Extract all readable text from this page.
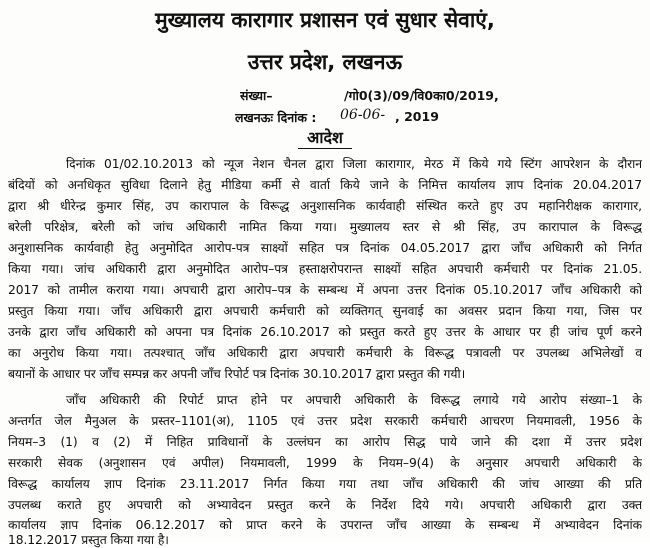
मुख्यालय कारागार प्रशासन एवं सुधार सेवाएं,
उत्तर प्रदेश, लखनऊ
संख्या–	/गो0(3)/09/वि0का0/2019,
लखनऊः दिनांक : 06-06- , 2019
आदेश
दिनांक 01/02.10.2013 को न्यूज नेशन चैनल द्वारा जिला कारागार, मेरठ में किये गये स्टिंग आपरेशन के दौरान
बंदियों को अनधिकृत सुविधा दिलाने हेतु मीडिया कर्मी से वार्ता किये जाने के निमित्त कार्यालय ज्ञाप दिनांक 20.04.2017
द्वारा श्री धीरेन्द्र कुमार सिंह, उप कारापाल के विरूद्ध अनुशासनिक कार्यवाही संस्थित करते हुए उप महानिरीक्षक कारागार,
बरेली परिक्षेत्र, बरेली को जांच अधिकारी नामित किया गया। मुख्यालय स्तर से श्री सिंह, उप कारापाल के विरूद्ध
अनुशासनिक कार्यवाही हेतु अनुमोदित आरोप-पत्र साक्ष्यों सहित पत्र दिनांक 04.05.2017 द्वारा जाँच अधिकारी को निर्गत
किया गया। जांच अधिकारी द्वारा अनुमोदित आरोप–पत्र हस्ताक्षरोपरान्त साक्ष्यों सहित अपचारी कर्मचारी पर दिनांक 21.05.
2017 को तामील कराया गया। अपचारी द्वारा आरोप–पत्र के सम्बन्ध में अपना उत्तर दिनांक 05.10.2017 जाँच अधिकारी को
प्रस्तुत किया गया। जाँच अधिकारी द्वारा अपचारी कर्मचारी को व्यक्तिगत् सुनवाई का अवसर प्रदान किया गया, जिस पर
उनके द्वारा जाँच अधिकारी को अपना पत्र दिनांक 26.10.2017 को प्रस्तुत करते हुए उत्तर के आधार पर ही जांच पूर्ण करने
का अनुरोध किया गया। तत्पश्चात् जाँच अधिकारी द्वारा अपचारी कर्मचारी के विरूद्ध पत्रावली पर उपलब्ध अभिलेखों व
बयानों के आधार पर जाँच सम्पन्न कर अपनी जाँच रिपोर्ट पत्र दिनांक 30.10.2017 द्वारा प्रस्तुत की गयी।
जाँच अधिकारी की रिपोर्ट प्राप्त होने पर अपचारी अधिकारी के विरूद्ध लगाये गये आरोप संख्या–1 के
अन्तर्गत जेल मैनुअल के प्रस्तर–1101(अ), 1105 एवं उत्तर प्रदेश सरकारी कर्मचारी आचरण नियमावली, 1956 के
नियम–3 (1) व (2) में निहित प्राविधानों के उल्लंघन का आरोप सिद्ध पाये जाने की दशा में उत्तर प्रदेश
सरकारी सेवक (अनुशासन एवं अपील) नियमावली, 1999 के नियम–9(4) के अनुसार अपचारी अधिकारी के
विरूद्ध कार्यालय ज्ञाप दिनांक 23.11.2017 निर्गत किया गया तथा जाँच अधिकारी की जांच आख्या की प्रति
उपलब्ध कराते हुए अपचारी को अभ्यावेदन प्रस्तुत करने के निर्देश दिये गये। अपचारी अधिकारी द्वारा उक्त
कार्यालय ज्ञाप दिनांक 06.12.2017 को प्राप्त करने के उपरान्त जाँच आख्या के सम्बन्ध में अभ्यावेदन दिनांक
18.12.2017 प्रस्तुत किया गया है।
